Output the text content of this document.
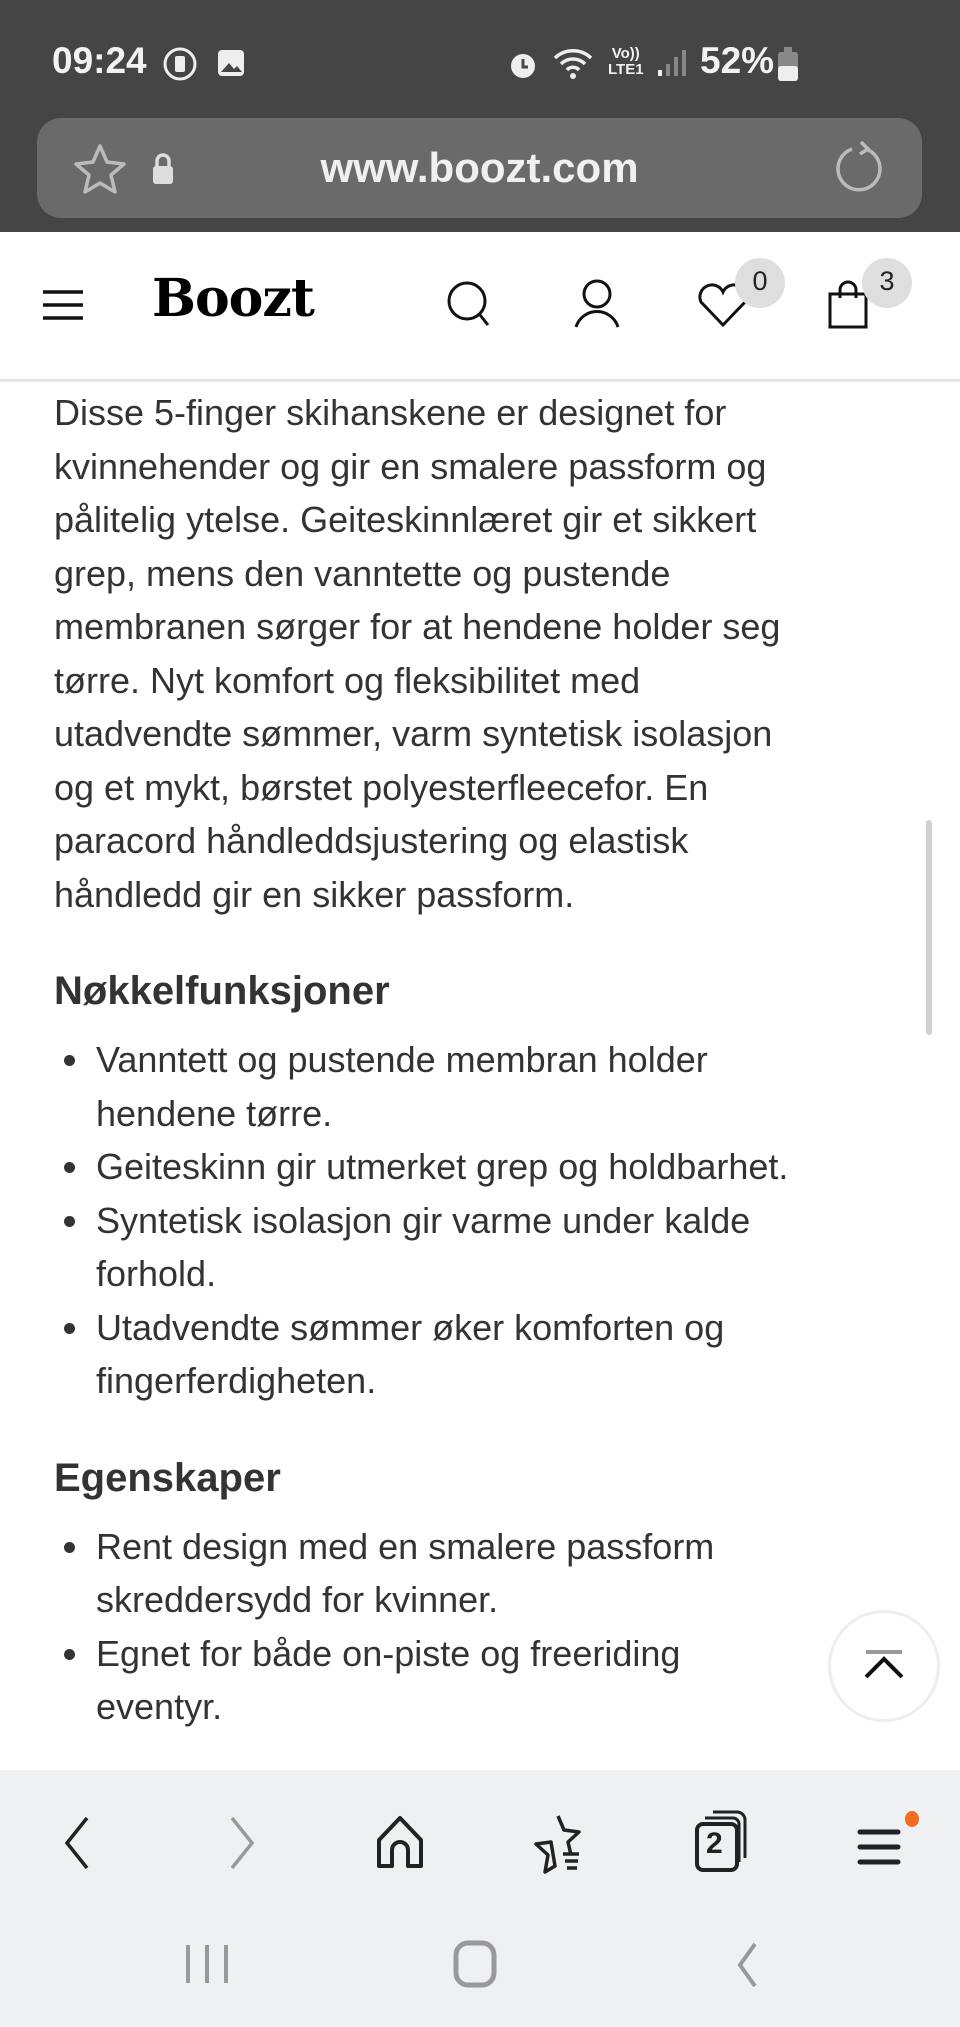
09:24	Vo))
LTE1 52%
www.boozt.com
Boozt	0	3

Disse 5-finger skihanskene er designet for
kvinnehender og gir en smalere passform og
pålitelig ytelse. Geiteskinnlæret gir et sikkert
grep, mens den vanntette og pustende
membranen sørger for at hendene holder seg
tørre. Nyt komfort og fleksibilitet med
utadvendte sømmer, varm syntetisk isolasjon
og et mykt, børstet polyesterfleecefor. En
paracord håndleddsjustering og elastisk
håndledd gir en sikker passform.

Nøkkelfunksjoner
Vanntett og pustende membran holder
hendene tørre.
Geiteskinn gir utmerket grep og holdbarhet.
Syntetisk isolasjon gir varme under kalde
forhold.
Utadvendte sømmer øker komforten og
fingerferdigheten.
Egenskaper
Rent design med en smalere passform
skreddersydd for kvinner.
Egnet for både on-piste og freeriding
eventyr.
2
